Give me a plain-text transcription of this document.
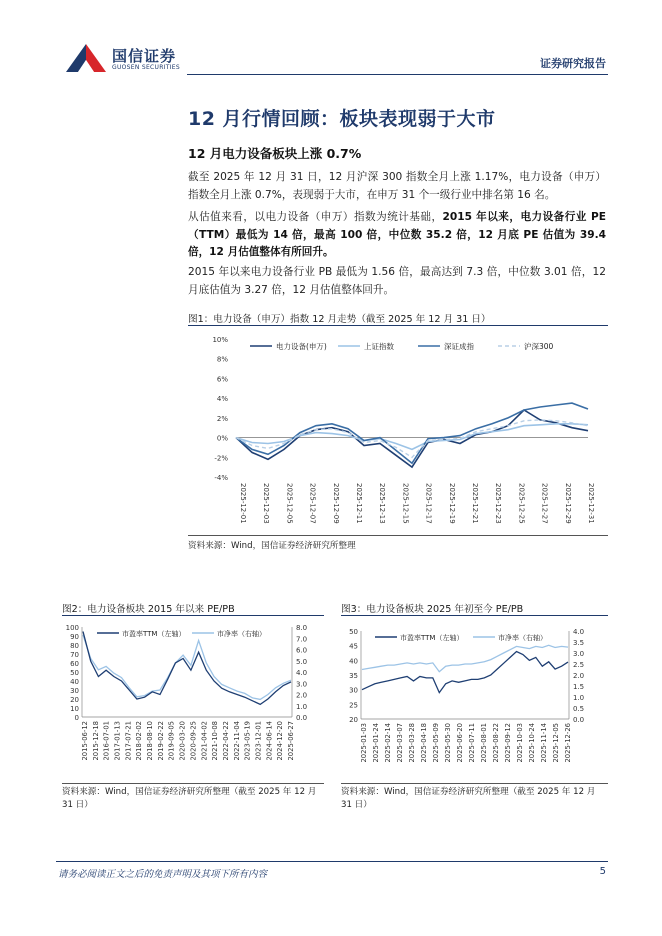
国信证券
GUOSEN SECURITIES	证券研究报告
12 月行情回顾：板块表现弱于大市
12 月电力设备板块上涨 0.7%
截至 2025 年 12 月 31 日，12 月沪深 300 指数全月上涨 1.17%，电力设备（申万）指数全月上涨 0.7%，表现弱于大市，在申万 31 个一级行业中排名第 16 名。
从估值来看，以电力设备（申万）指数为统计基础，2015 年以来，电力设备行业 PE（TTM）最低为 14 倍，最高 100 倍，中位数 35.2 倍，12 月底 PE 估值为 39.4 倍，12 月估值整体有所回升。
2015 年以来电力设备行业 PB 最低为 1.56 倍，最高达到 7.3 倍，中位数 3.01 倍，12 月底估值为 3.27 倍，12 月估值整体回升。
图1：电力设备（申万）指数 12 月走势（截至 2025 年 12 月 31 日）
10%
8%
6%
4%
2%
0%
-2%
-4%
2025-12-01 2025-12-03 2025-12-05 2025-12-07 2025-12-09 2025-12-11 2025-12-13 2025-12-15 2025-12-17 2025-12-19 2025-12-21 2025-12-23 2025-12-25 2025-12-27 2025-12-29 2025-12-31
电力设备(申万)	上证指数	深证成指	沪深300
资料来源：Wind，国信证券经济研究所整理
图2：电力设备板块 2015 年以来 PE/PB
100
90
80
70
60
50
40
30
20
10
0
8.0
7.0
6.0
5.0
4.0
3.0
2.0
1.0
0.0
2015-06-12 2015-12-18 2016-07-01 2017-01-13 2017-07-21 2018-02-02 2018-08-10 2019-02-22 2019-09-05 2020-03-20 2020-09-25 2021-04-02 2021-10-08 2022-04-22 2022-11-04 2023-05-19 2023-12-01 2024-06-14 2024-12-20 2025-06-27
市盈率TTM（左轴）	市净率（右轴）
资料来源：Wind，国信证券经济研究所整理（截至 2025 年 12 月 31 日）
图3：电力设备板块 2025 年初至今 PE/PB
50
45
40
35
30
25
20
4.0
3.5
3.0
2.5
2.0
1.5
1.0
0.5
0.0
2025-01-03 2025-01-24 2025-02-14 2025-03-07 2025-03-28 2025-04-18 2025-05-09 2025-05-30 2025-06-20 2025-07-11 2025-08-01 2025-08-22 2025-09-12 2025-10-03 2025-10-24 2025-11-14 2025-12-05 2025-12-26
市盈率TTM（左轴）	市净率（右轴）
资料来源：Wind，国信证券经济研究所整理（截至 2025 年 12 月 31 日）
请务必阅读正文之后的免责声明及其项下所有内容	5
